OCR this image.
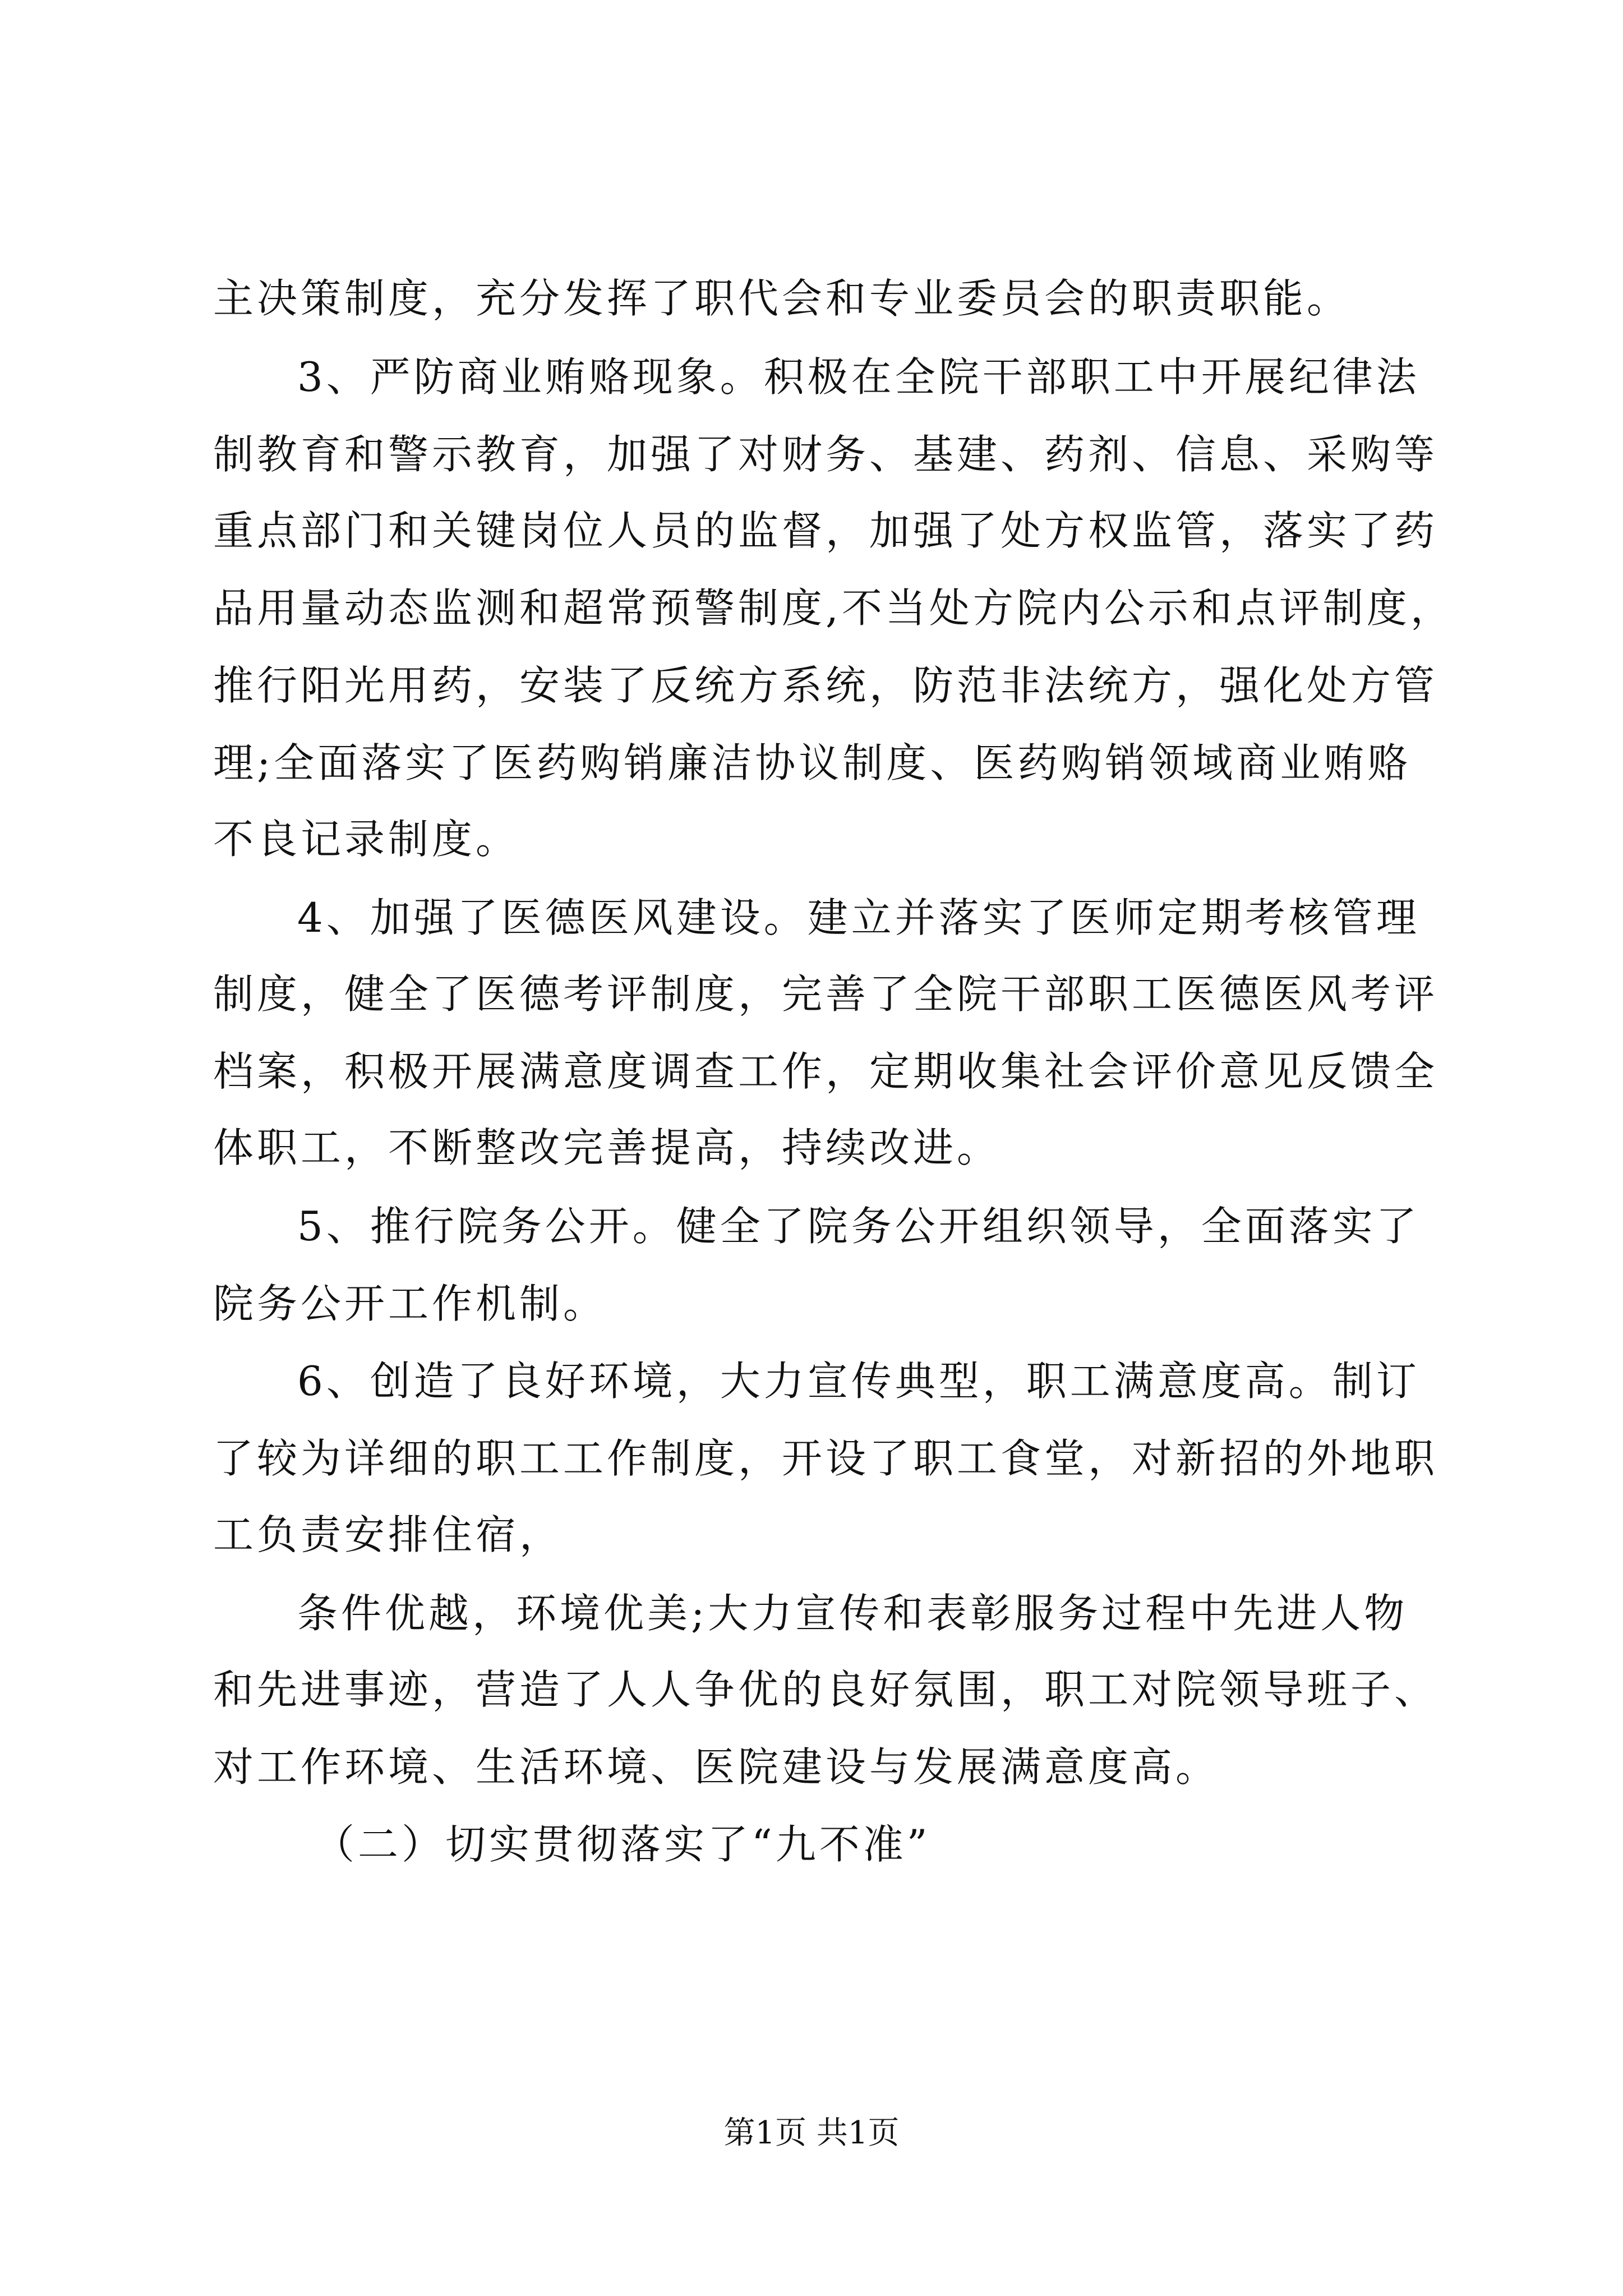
主决策制度，充分发挥了职代会和专业委员会的职责职能。
3、严防商业贿赂现象。积极在全院干部职工中开展纪律法
制教育和警示教育，加强了对财务、基建、药剂、信息、采购等
重点部门和关键岗位人员的监督，加强了处方权监管，落实了药
品用量动态监测和超常预警制度,不当处方院内公示和点评制度，
推行阳光用药，安装了反统方系统，防范非法统方，强化处方管
理;全面落实了医药购销廉洁协议制度、医药购销领域商业贿赂
不良记录制度。
4、加强了医德医风建设。建立并落实了医师定期考核管理
制度，健全了医德考评制度，完善了全院干部职工医德医风考评
档案，积极开展满意度调查工作，定期收集社会评价意见反馈全
体职工，不断整改完善提高，持续改进。
5、推行院务公开。健全了院务公开组织领导，全面落实了
院务公开工作机制。
6、创造了良好环境，大力宣传典型，职工满意度高。制订
了较为详细的职工工作制度，开设了职工食堂，对新招的外地职
工负责安排住宿，
条件优越，环境优美;大力宣传和表彰服务过程中先进人物
和先进事迹，营造了人人争优的良好氛围，职工对院领导班子、
对工作环境、生活环境、医院建设与发展满意度高。
（二）切实贯彻落实了“九不准”
第1页 共1页
